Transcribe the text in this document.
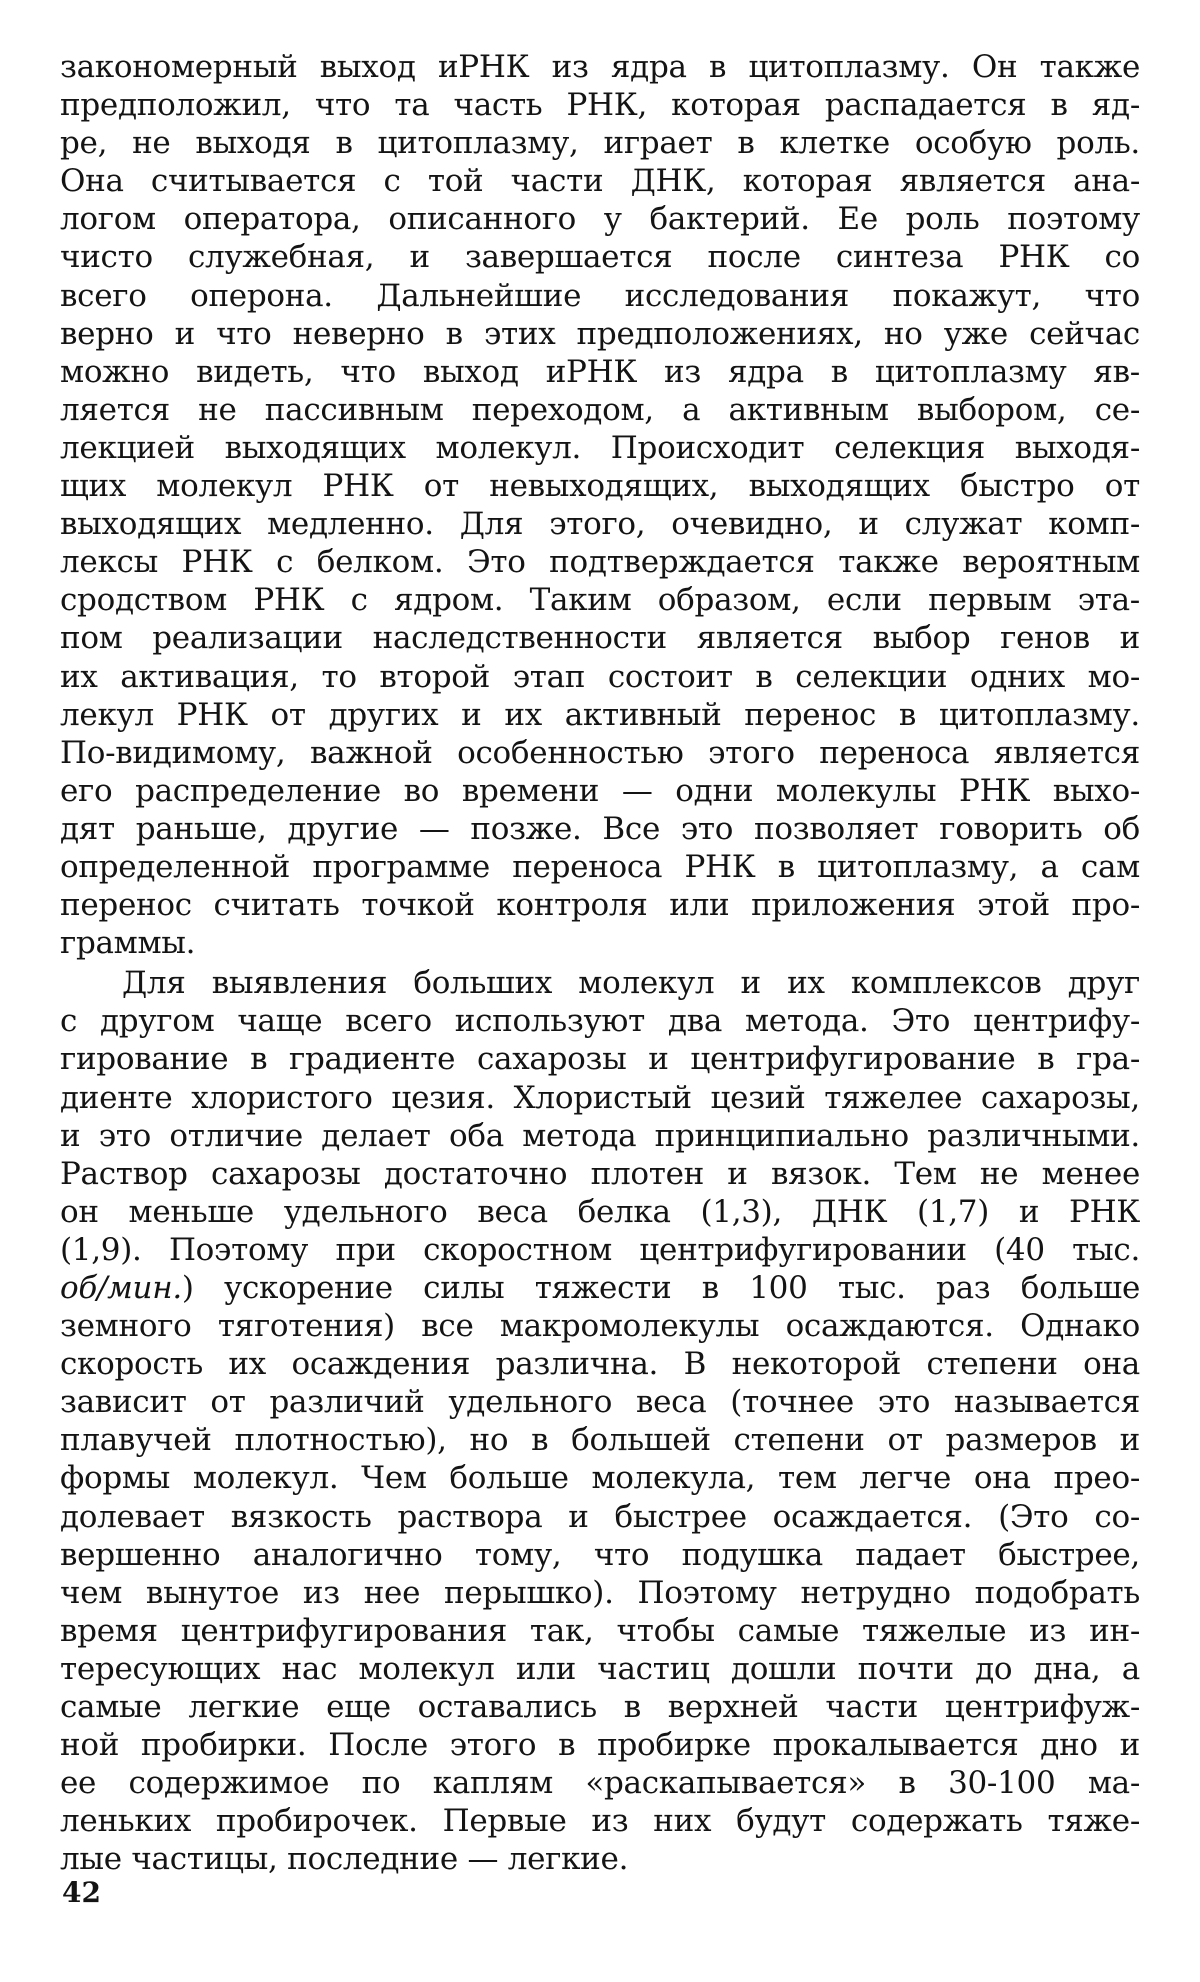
закономерный выход иРНК из ядра в цитоплазму. Он также
предположил, что та часть РНК, которая распадается в яд-
ре, не выходя в цитоплазму, играет в клетке особую роль.
Она считывается с той части ДНК, которая является ана-
логом оператора, описанного у бактерий. Ее роль поэтому
чисто служебная, и завершается после синтеза РНК со
всего оперона. Дальнейшие исследования покажут, что
верно и что неверно в этих предположениях, но уже сейчас
можно видеть, что выход иРНК из ядра в цитоплазму яв-
ляется не пассивным переходом, а активным выбором, се-
лекцией выходящих молекул. Происходит селекция выходя-
щих молекул РНК от невыходящих, выходящих быстро от
выходящих медленно. Для этого, очевидно, и служат комп-
лексы РНК с белком. Это подтверждается также вероятным
сродством РНК с ядром. Таким образом, если первым эта-
пом реализации наследственности является выбор генов и
их активация, то второй этап состоит в селекции одних мо-
лекул РНК от других и их активный перенос в цитоплазму.
По-видимому, важной особенностью этого переноса является
его распределение во времени — одни молекулы РНК выхо-
дят раньше, другие — позже. Все это позволяет говорить об
определенной программе переноса РНК в цитоплазму, а сам
перенос считать точкой контроля или приложения этой про-
граммы.

Для выявления больших молекул и их комплексов друг
с другом чаще всего используют два метода. Это центрифу-
гирование в градиенте сахарозы и центрифугирование в гра-
диенте хлористого цезия. Хлористый цезий тяжелее сахарозы,
и это отличие делает оба метода принципиально различными.
Раствор сахарозы достаточно плотен и вязок. Тем не менее
он меньше удельного веса белка (1,3), ДНК (1,7) и РНК
(1,9). Поэтому при скоростном центрифугировании (40 тыс.
об/мин.) ускорение силы тяжести в 100 тыс. раз больше
земного тяготения) все макромолекулы осаждаются. Однако
скорость их осаждения различна. В некоторой степени она
зависит от различий удельного веса (точнее это называется
плавучей плотностью), но в большей степени от размеров и
формы молекул. Чем больше молекула, тем легче она прео-
долевает вязкость раствора и быстрее осаждается. (Это со-
вершенно аналогично тому, что подушка падает быстрее,
чем вынутое из нее перышко). Поэтому нетрудно подобрать
время центрифугирования так, чтобы самые тяжелые из ин-
тересующих нас молекул или частиц дошли почти до дна, а
самые легкие еще оставались в верхней части центрифуж-
ной пробирки. После этого в пробирке прокалывается дно и
ее содержимое по каплям «раскапывается» в 30-100 ма-
леньких пробирочек. Первые из них будут содержать тяже-
лые частицы, последние — легкие.

42
